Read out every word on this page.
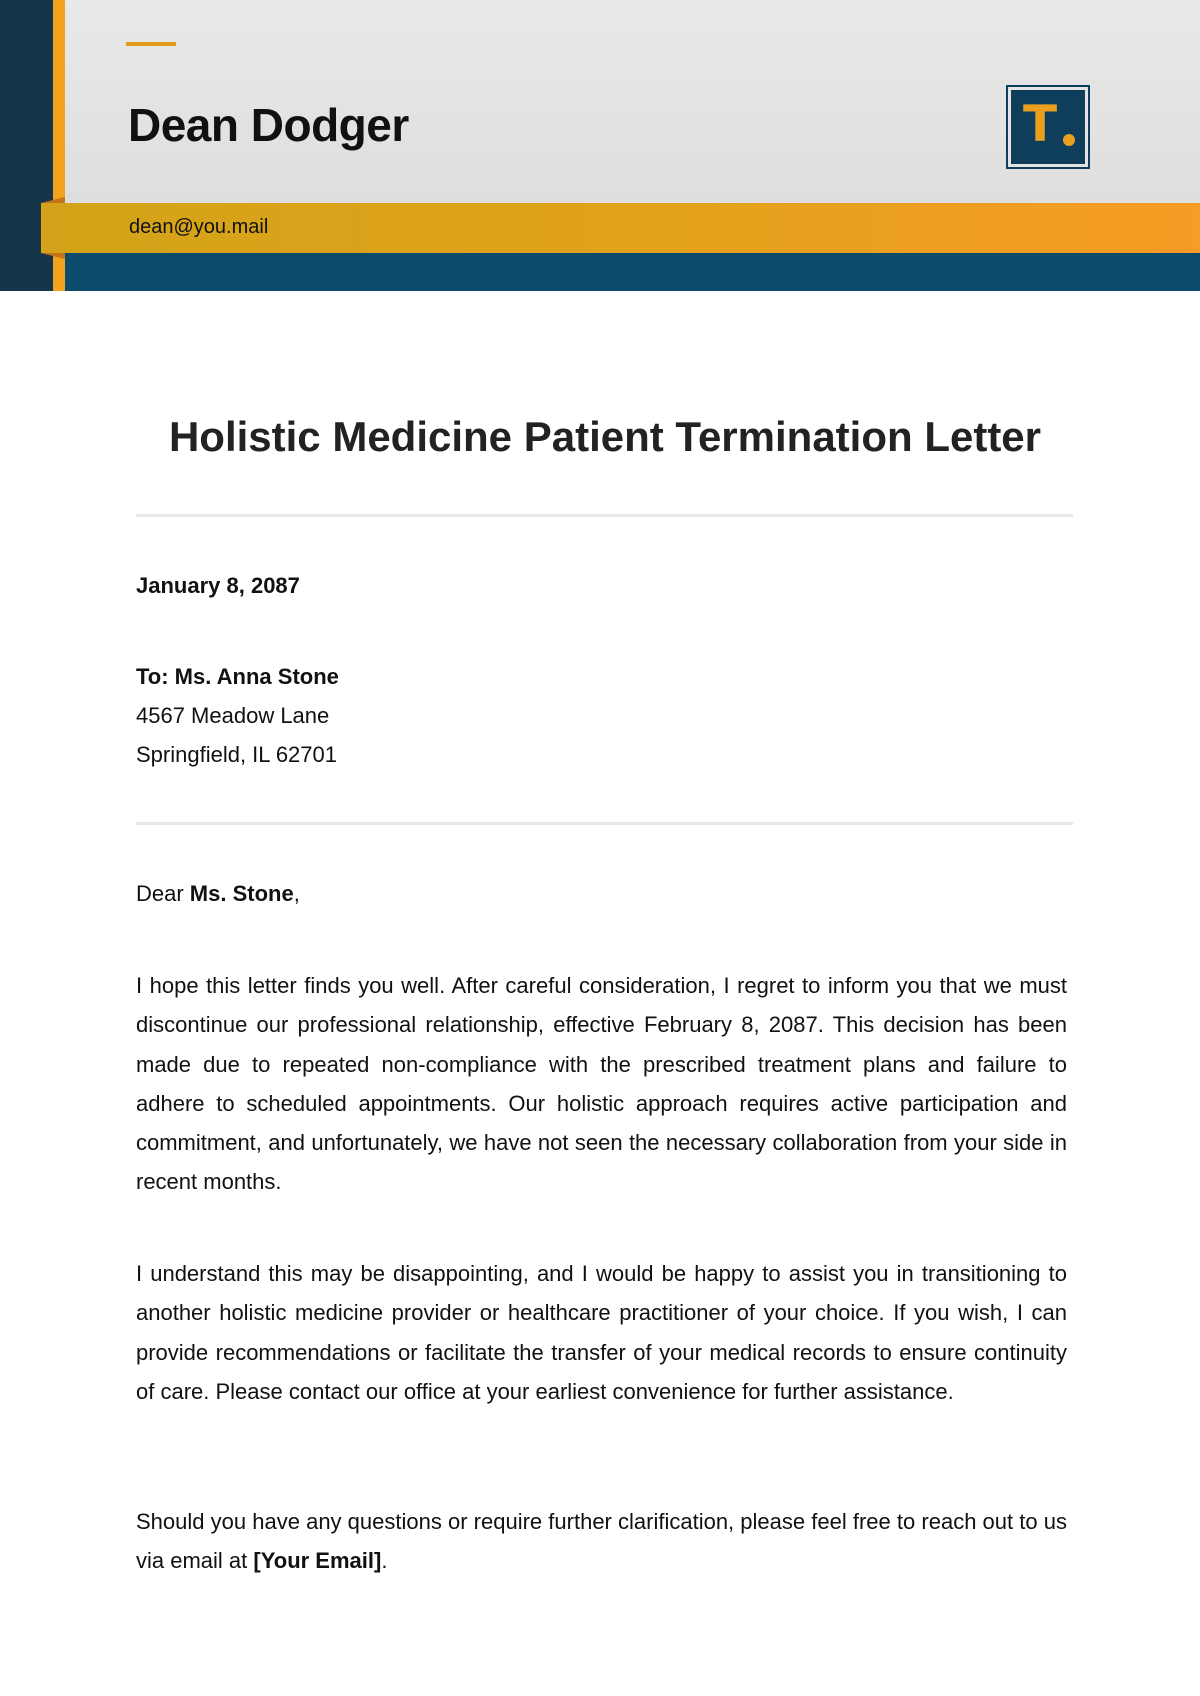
Dean Dodger
dean@you.mail
T
Holistic Medicine Patient Termination Letter
January 8, 2087
To: Ms. Anna Stone
4567 Meadow Lane
Springfield, IL 62701
Dear Ms. Stone,
I hope this letter finds you well. After careful consideration, I regret to inform you that we must discontinue our professional relationship, effective February 8, 2087. This decision has been made due to repeated non-compliance with the prescribed treatment plans and failure to adhere to scheduled appointments. Our holistic approach requires active participation and commitment, and unfortunately, we have not seen the necessary collaboration from your side in recent months.
I understand this may be disappointing, and I would be happy to assist you in transitioning to another holistic medicine provider or healthcare practitioner of your choice. If you wish, I can provide recommendations or facilitate the transfer of your medical records to ensure continuity of care. Please contact our office at your earliest convenience for further assistance.
Should you have any questions or require further clarification, please feel free to reach out to us via email at [Your Email].
